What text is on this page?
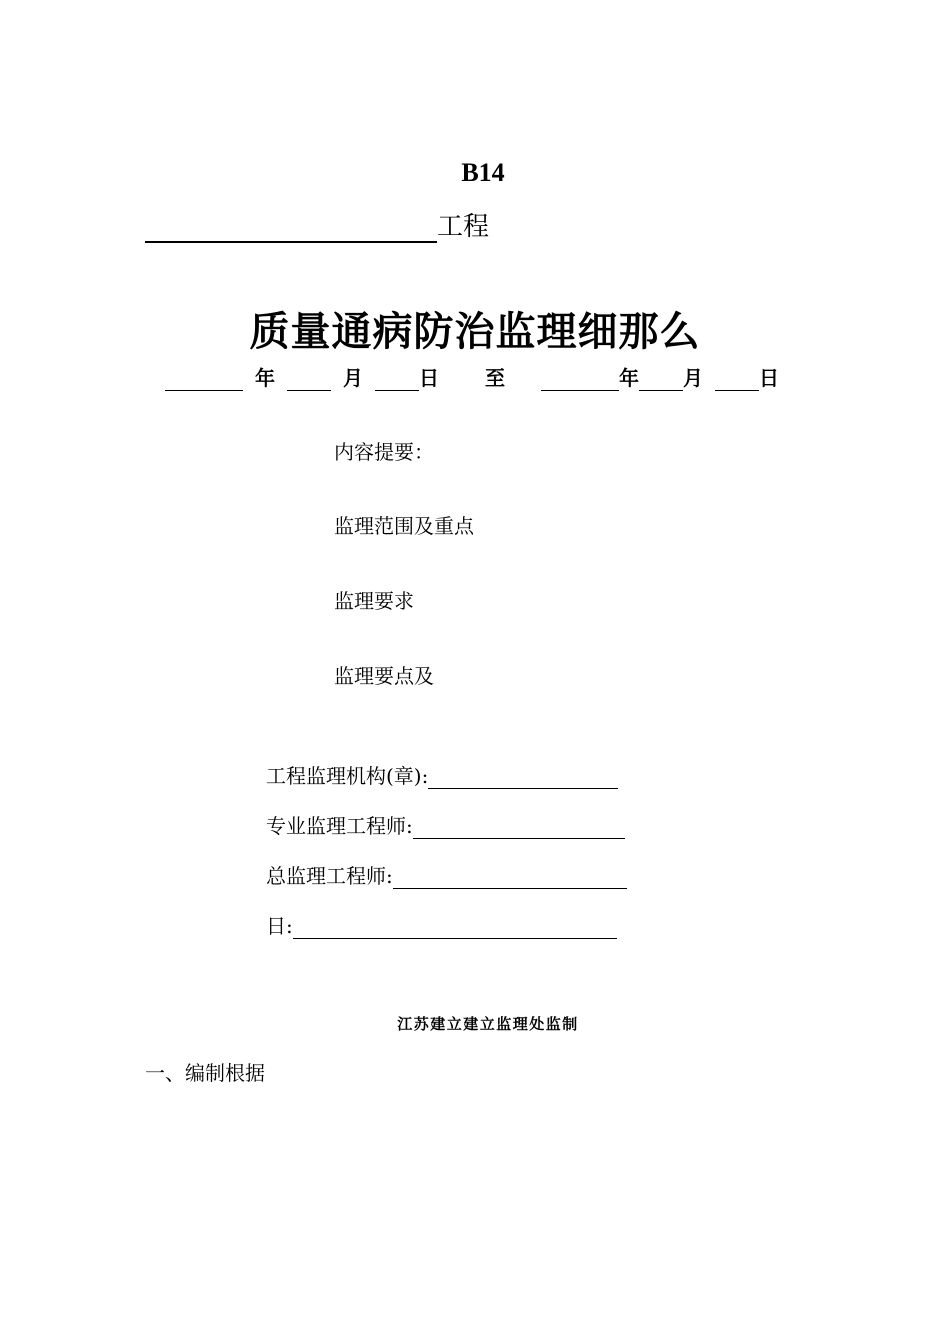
B14
工程
质量通病防治监理细那么
年	月	日 至	年 月	日
内容提要：
监理范围及重点
监理要求
监理要点及
工程监理机构(章):
专业监理工程师:
总监理工程师:
日:
江苏建立建立监理处监制
一、编制根据
